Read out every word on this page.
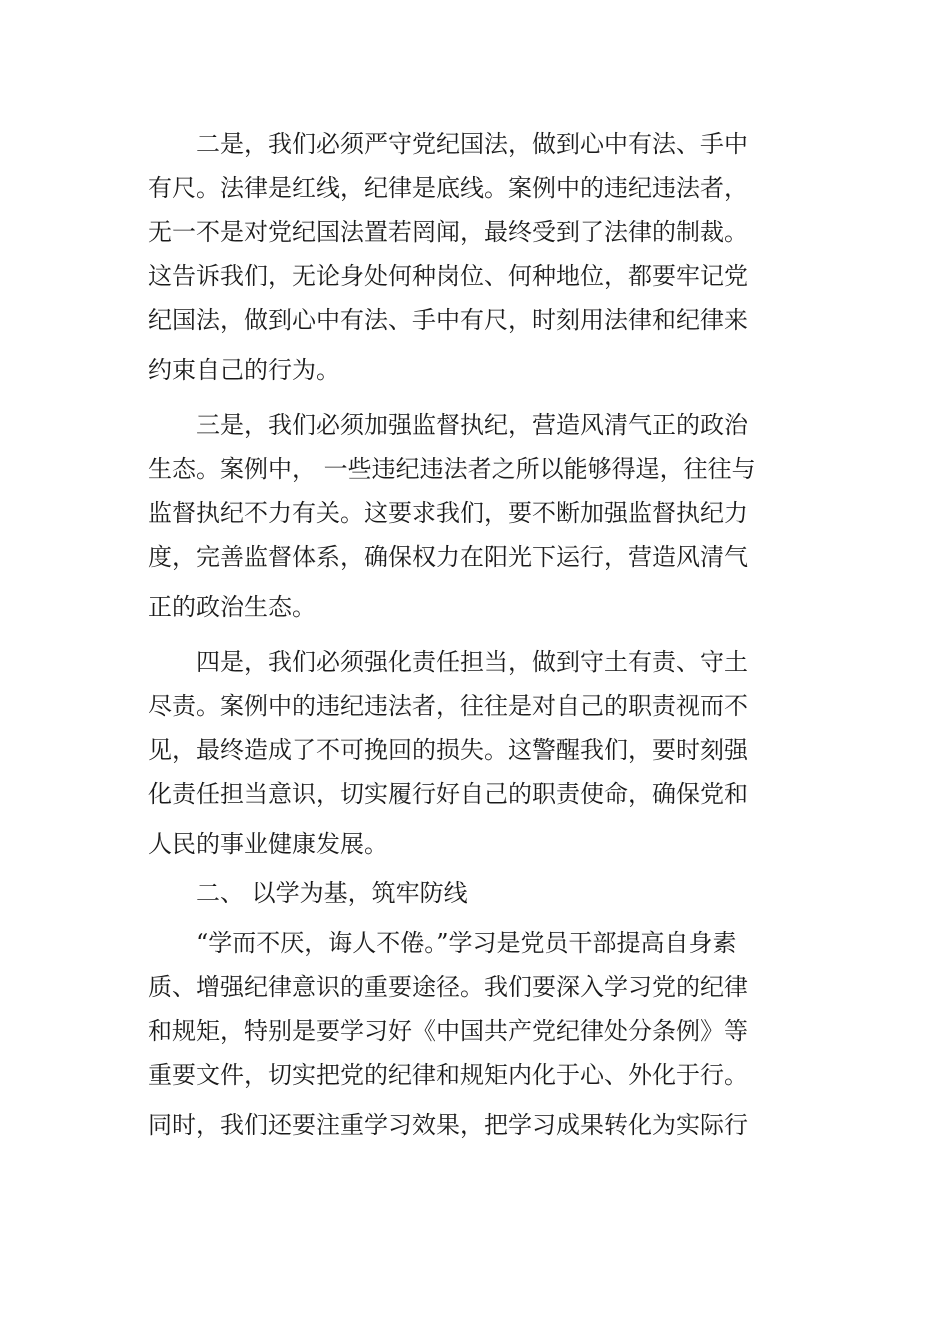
二是，我们必须严守党纪国法，做到心中有法、手中
有尺。法律是红线，纪律是底线。案例中的违纪违法者，
无一不是对党纪国法置若罔闻，最终受到了法律的制裁。
这告诉我们，无论身处何种岗位、何种地位，都要牢记党
纪国法，做到心中有法、手中有尺，时刻用法律和纪律来
约束自己的行为。
三是，我们必须加强监督执纪，营造风清气正的政治
生态。案例中， 一些违纪违法者之所以能够得逞，往往与
监督执纪不力有关。这要求我们，要不断加强监督执纪力
度，完善监督体系，确保权力在阳光下运行，营造风清气
正的政治生态。
四是，我们必须强化责任担当，做到守土有责、守土
尽责。案例中的违纪违法者，往往是对自己的职责视而不
见，最终造成了不可挽回的损失。这警醒我们，要时刻强
化责任担当意识，切实履行好自己的职责使命，确保党和
人民的事业健康发展。
二、 以学为基，筑牢防线
“学而不厌，诲人不倦。”学习是党员干部提高自身素
质、增强纪律意识的重要途径。我们要深入学习党的纪律
和规矩，特别是要学习好《中国共产党纪律处分条例》等
重要文件，切实把党的纪律和规矩内化于心、外化于行。
同时，我们还要注重学习效果，把学习成果转化为实际行
